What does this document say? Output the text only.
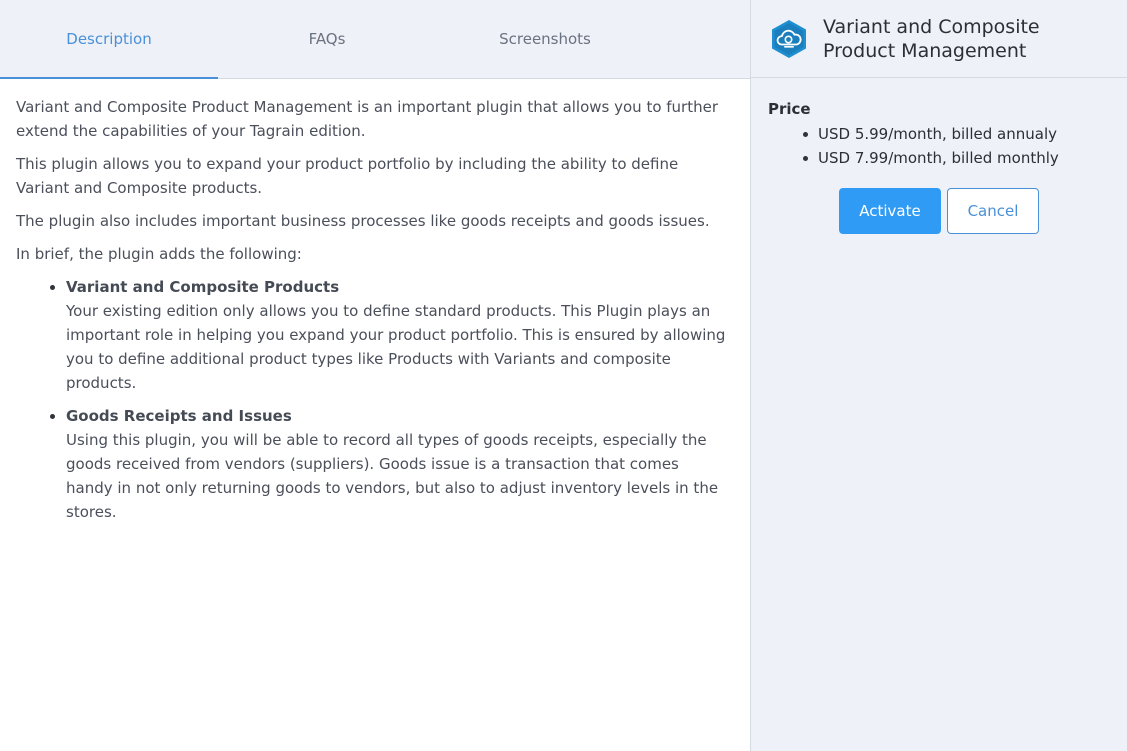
Description	FAQs	Screenshots

Variant and Composite Product Management is an important plugin that allows you to further extend the capabilities of your Tagrain edition.

This plugin allows you to expand your product portfolio by including the ability to define Variant and Composite products.

The plugin also includes important business processes like goods receipts and goods issues.

In brief, the plugin adds the following:

Variant and Composite Products
Your existing edition only allows you to define standard products. This Plugin plays an important role in helping you expand your product portfolio. This is ensured by allowing you to define additional product types like Products with Variants and composite products.
Goods Receipts and Issues
Using this plugin, you will be able to record all types of goods receipts, especially the goods received from vendors (suppliers). Goods issue is a transaction that comes handy in not only returning goods to vendors, but also to adjust inventory levels in the stores.
Variant and Composite
Product Management
Price
USD 5.99/month, billed annualy
USD 7.99/month, billed monthly
Activate	Cancel
